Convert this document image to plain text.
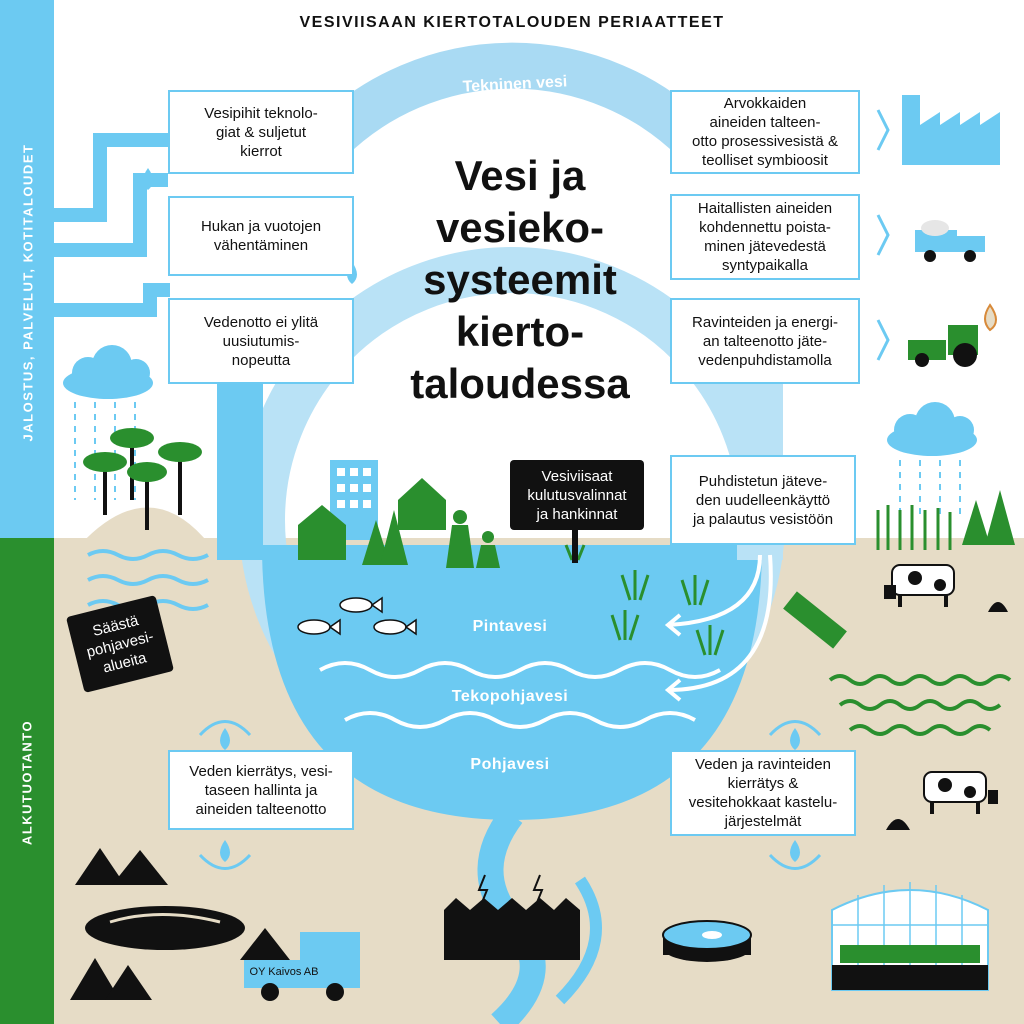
JALOSTUS, PALVELUT, KOTITALOUDET
ALKUTUOTANTO
VESIVIISAAN KIERTOTALOUDEN PERIAATTEET
Tekninen vesi
Vesi ja
vesieko-
systeemit
kierto-
taloudessa
Vesipihit teknolo-
giat & suljetut
kierrot
Hukan ja vuotojen
vähentäminen
Vedenotto ei ylitä
uusiutumis-
nopeutta
Arvokkaiden
aineiden talteen-
otto prosessivesistä &
teolliset symbioosit
Haitallisten aineiden
kohdennettu poista-
minen jätevedestä
syntypaikalla
Ravinteiden ja energi-
an talteenotto jäte-
vedenpuhdistamolla
Puhdistetun jäteve-
den uudelleenkäyttö
ja palautus vesistöön
Vesiviisaat
kulutusvalinnat
ja hankinnat
Säästä
pohjavesi-
alueita
Pintavesi
Tekopohjavesi
Pohjavesi
Veden kierrätys, vesi-
taseen hallinta ja
aineiden talteenotto
Veden ja ravinteiden
kierrätys &
vesitehokkaat kastelu-
järjestelmät
OY Kaivos AB
